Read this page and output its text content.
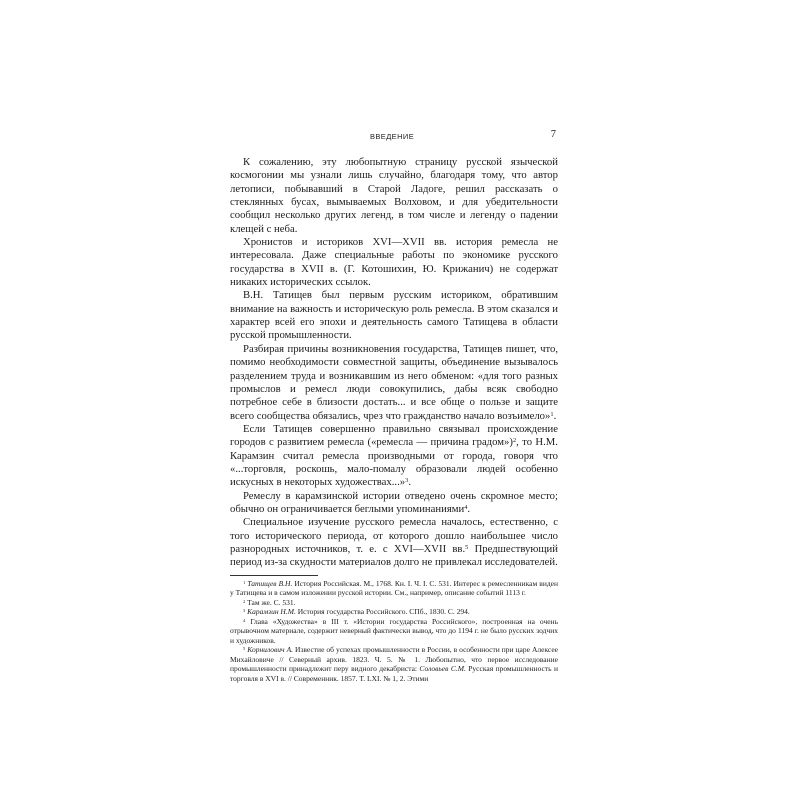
ВВЕДЕНИЕ	7

К сожалению, эту любопытную страницу русской языческой космогонии мы узнали лишь случайно, благодаря тому, что автор летописи, побывавший в Старой Ладоге, решил рассказать о стеклянных бусах, вымываемых Волховом, и для убедительности сообщил несколько других легенд, в том числе и легенду о падении клещей с неба.

Хронистов и историков XVI—XVII вв. история ремесла не интересовала. Даже специальные работы по экономике русского государства в XVII в. (Г. Котошихин, Ю. Крижанич) не содержат никаких исторических ссылок.

В.Н. Татищев был первым русским историком, обратившим внимание на важность и историческую роль ремесла. В этом сказался и характер всей его эпохи и деятельность самого Татищева в области русской промышленности.

Разбирая причины возникновения государства, Татищев пишет, что, помимо необходимости совместной защиты, объединение вызывалось разделением труда и возникавшим из него обменом: «для того разных промыслов и ремесл люди совокупились, дабы всяк свободно потребное себе в близости достать... и все обще о пользе и защите всего сообщества обязались, чрез что гражданство начало возъимело»$^1$.

Если Татищев совершенно правильно связывал происхождение городов с развитием ремесла («ремесла — причина градом»)$^2$, то Н.М. Карамзин считал ремесла производными от города, говоря что «...торговля, роскошь, мало-помалу образовали людей особенно искусных в некоторых художествах...»$^3$.

Ремеслу в карамзинской истории отведено очень скромное место; обычно он ограничивается беглыми упоминаниями$^4$.

Специальное изучение русского ремесла началось, естественно, с того исторического периода, от которого дошло наибольшее число разнородных источников, т. е. с XVI—XVII вв.$^5$ Предшествующий период из-за скудности материалов долго не привлекал исследователей.

$^1$ Татищев В.Н. История Российская. М., 1768. Кн. I. Ч. I. С. 531. Интерес к ремесленникам виден у Татищева и в самом изложении русской истории. См., например, описание событий 1113 г.

$^2$ Там же. С. 531.

$^3$ Карамзин Н.М. История государства Российского. СПб., 1830. С. 294.

$^4$ Глава «Художества» в III т. «Истории государства Российского», построенная на очень отрывочном материале, содержит неверный фактически вывод, что до 1194 г. не было русских зодчих и художников.

$^5$ Корнилович А. Известие об успехах промышленности в России, в особенности при царе Алексее Михайловиче // Северный архив. 1823. Ч. 5. № 1. Любопытно, что первое исследование промышленности принадлежит перу видного декабриста: Соловьев С.М. Русская промышленность и торговля в XVI в. // Современник. 1857. Т. LXI. № 1, 2. Этими
